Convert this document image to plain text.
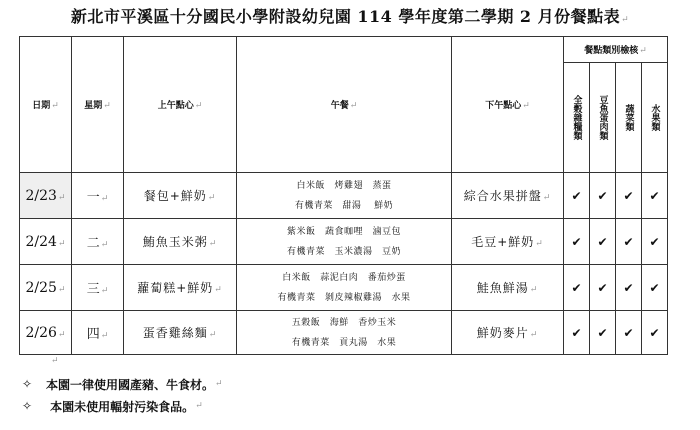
新北市平溪區十分國民小學附設幼兒園 114 學年度第二學期 2 月份餐點表↵
日期↵	星期↵	上午點心↵	午餐↵	下午點心↵	餐點類別檢核↵			
					全穀雜糧類	豆魚蛋肉類	蔬菜類	水果類
2/23↵	一↵	餐包+鮮奶↵	白米飯　烤雞翅　蒸蛋
有機青菜　甜湯　 鮮奶	綜合水果拼盤↵	✔	✔	✔	✔
2/24↵	二↵	鮪魚玉米粥↵	紫米飯　蔬食咖哩　滷豆包
有機青菜　玉米濃湯　豆奶	毛豆+鮮奶↵	✔	✔	✔	✔
2/25↵	三↵	蘿蔔糕+鮮奶↵	白米飯　蒜泥白肉　番茄炒蛋
有機青菜　剝皮辣椒雞湯　水果	鮭魚鮮湯↵	✔	✔	✔	✔
2/26↵	四↵	蛋香雞絲麵↵	五穀飯　海鮮　香炒玉米
有機青菜　貢丸湯　水果	鮮奶麥片↵	✔	✔	✔	✔
↵
✧	本園一律使用國產豬、牛食材。 ↵
✧	本園未使用輻射污染食品。 ↵
